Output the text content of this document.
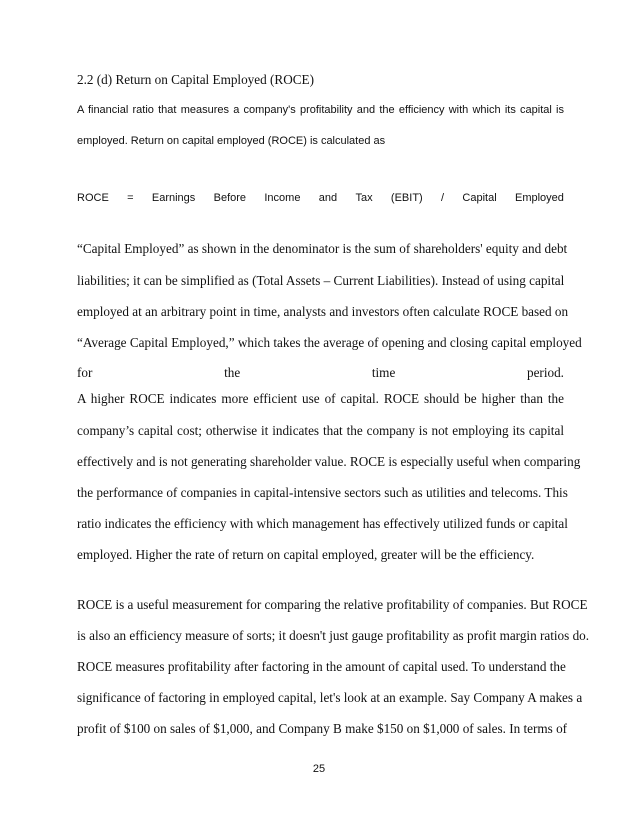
2.2 (d) Return on Capital Employed (ROCE)
A financial ratio that measures a company's profitability and the efficiency with which its capital is
employed. Return on capital employed (ROCE) is calculated as
ROCE = Earnings Before Income and Tax (EBIT) / Capital Employed
“Capital Employed” as shown in the denominator is the sum of shareholders' equity and debt
liabilities; it can be simplified as (Total Assets – Current Liabilities). Instead of using capital
employed at an arbitrary point in time, analysts and investors often calculate ROCE based on
“Average Capital Employed,” which takes the average of opening and closing capital employed
for	the	time	period.
A higher ROCE indicates more efficient use of capital. ROCE should be higher than the
company’s capital cost; otherwise it indicates that the company is not employing its capital
effectively and is not generating shareholder value. ROCE is especially useful when comparing
the performance of companies in capital-intensive sectors such as utilities and telecoms. This
ratio indicates the efficiency with which management has effectively utilized funds or capital
employed. Higher the rate of return on capital employed, greater will be the efficiency.
ROCE is a useful measurement for comparing the relative profitability of companies. But ROCE
is also an efficiency measure of sorts; it doesn't just gauge profitability as profit margin ratios do.
ROCE measures profitability after factoring in the amount of capital used. To understand the
significance of factoring in employed capital, let's look at an example. Say Company A makes a
profit of $100 on sales of $1,000, and Company B make $150 on $1,000 of sales. In terms of
25
